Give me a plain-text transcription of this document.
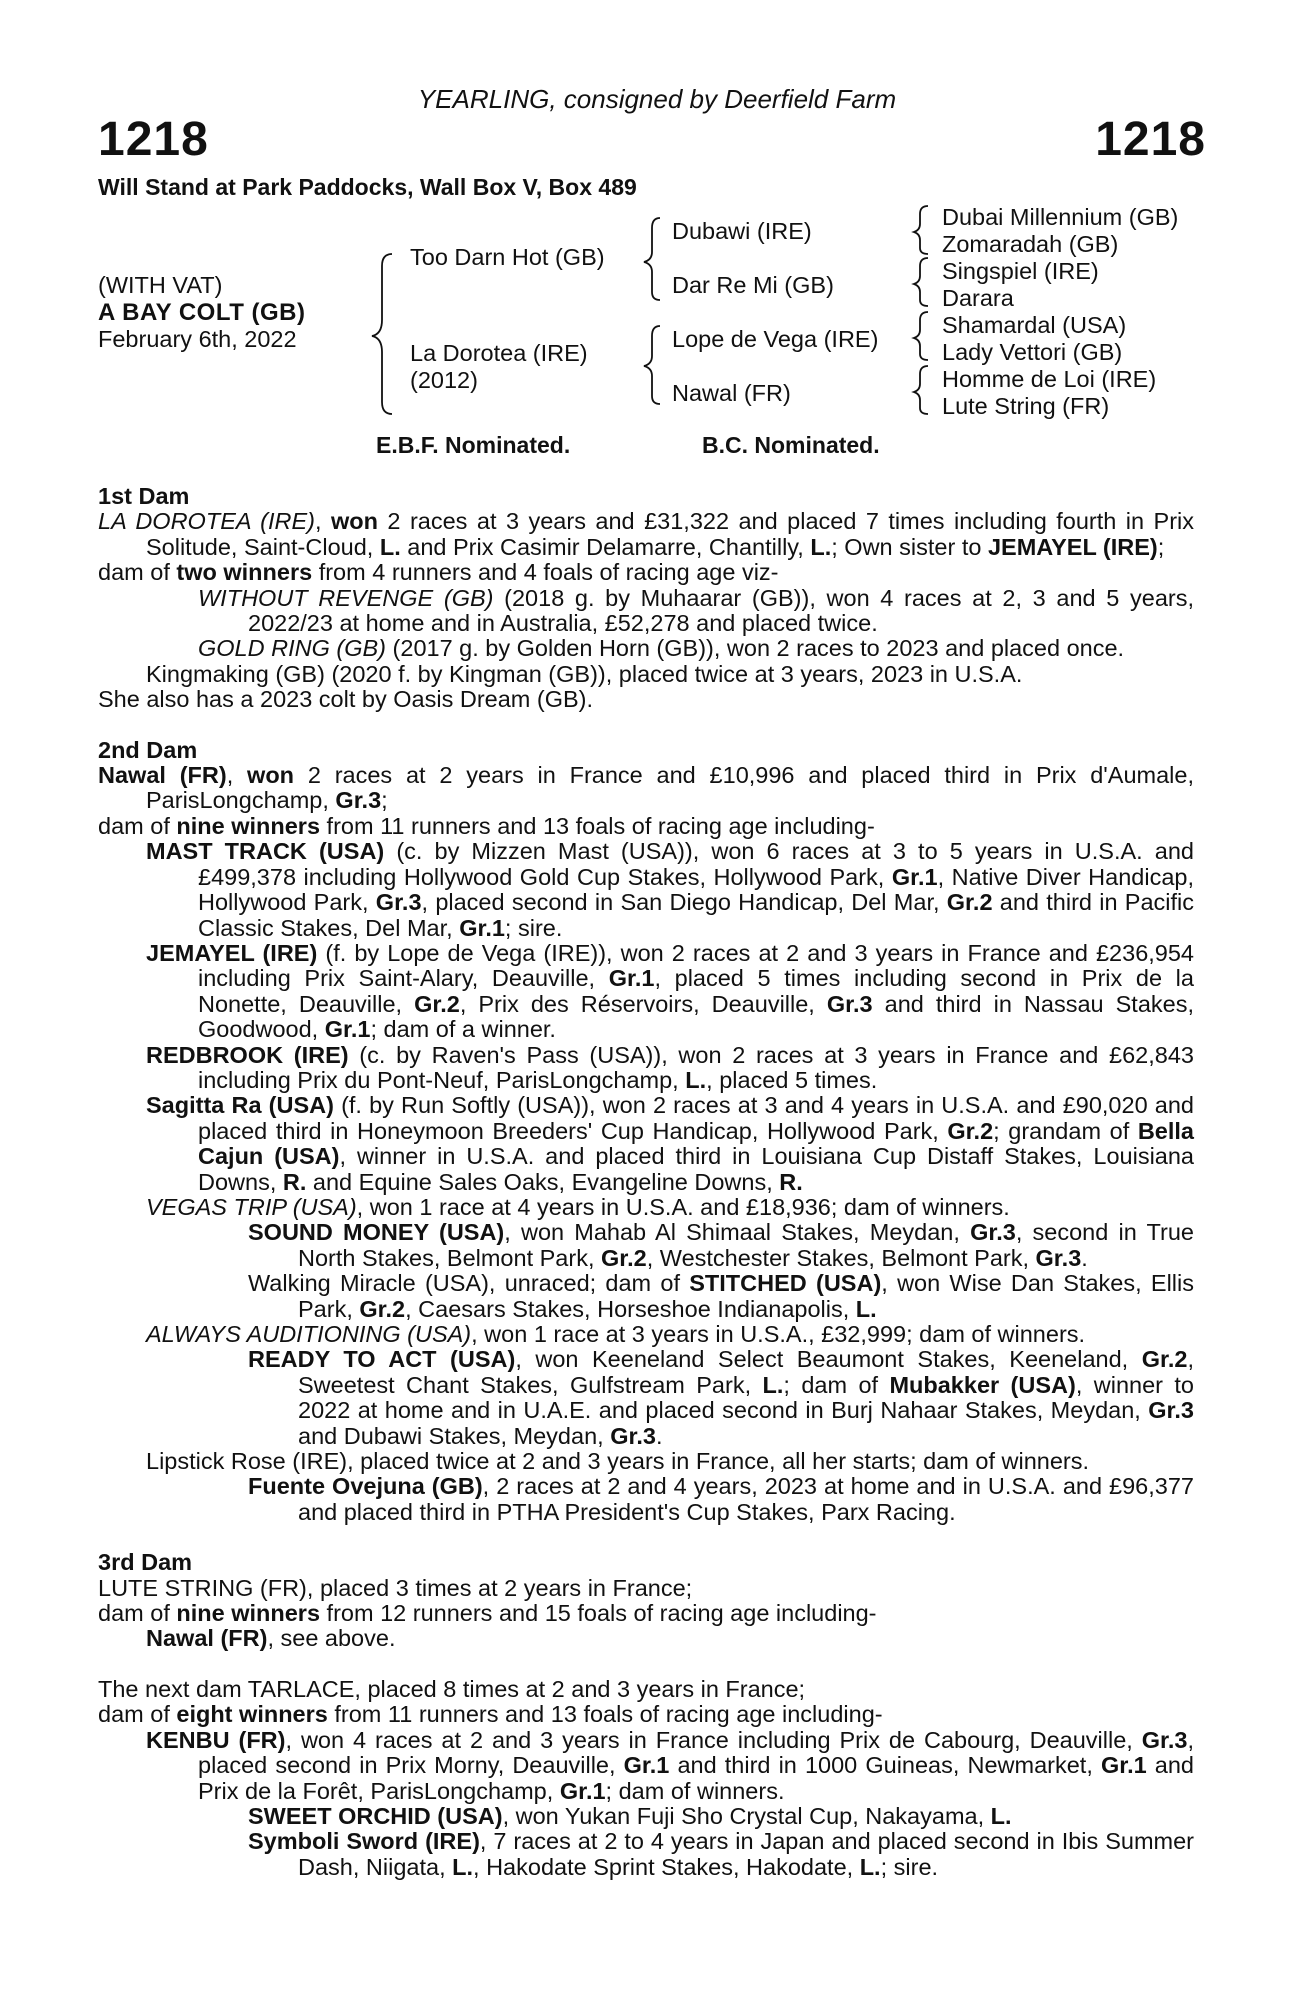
YEARLING, consigned by Deerfield Farm
1218	1218
Will Stand at Park Paddocks, Wall Box V, Box 489
(WITH VAT)
A BAY COLT (GB)
February 6th, 2022
Too Darn Hot (GB)
La Dorotea (IRE)
(2012)
Dubawi (IRE)
Dar Re Mi (GB)
Lope de Vega (IRE)
Nawal (FR)
Dubai Millennium (GB)
Zomaradah (GB)
Singspiel (IRE)
Darara
Shamardal (USA)
Lady Vettori (GB)
Homme de Loi (IRE)
Lute String (FR)
E.B.F. Nominated.	B.C. Nominated.

1st Dam

LA DOROTEA (IRE), won 2 races at 3 years and £31,322 and placed 7 times including fourth in Prix Solitude, Saint-Cloud, L. and Prix Casimir Delamarre, Chantilly, L.; Own sister to JEMAYEL (IRE);

dam of two winners from 4 runners and 4 foals of racing age viz-

WITHOUT REVENGE (GB) (2018 g. by Muhaarar (GB)), won 4 races at 2, 3 and 5 years, 2022/23 at home and in Australia, £52,278 and placed twice.

GOLD RING (GB) (2017 g. by Golden Horn (GB)), won 2 races to 2023 and placed once.

Kingmaking (GB) (2020 f. by Kingman (GB)), placed twice at 3 years, 2023 in U.S.A.

She also has a 2023 colt by Oasis Dream (GB).

2nd Dam

Nawal (FR), won 2 races at 2 years in France and £10,996 and placed third in Prix d'Aumale, ParisLongchamp, Gr.3;

dam of nine winners from 11 runners and 13 foals of racing age including-

MAST TRACK (USA) (c. by Mizzen Mast (USA)), won 6 races at 3 to 5 years in U.S.A. and £499,378 including Hollywood Gold Cup Stakes, Hollywood Park, Gr.1, Native Diver Handicap, Hollywood Park, Gr.3, placed second in San Diego Handicap, Del Mar, Gr.2 and third in Pacific Classic Stakes, Del Mar, Gr.1; sire.

JEMAYEL (IRE) (f. by Lope de Vega (IRE)), won 2 races at 2 and 3 years in France and £236,954 including Prix Saint-Alary, Deauville, Gr.1, placed 5 times including second in Prix de la Nonette, Deauville, Gr.2, Prix des Réservoirs, Deauville, Gr.3 and third in Nassau Stakes, Goodwood, Gr.1; dam of a winner.

REDBROOK (IRE) (c. by Raven's Pass (USA)), won 2 races at 3 years in France and £62,843 including Prix du Pont-Neuf, ParisLongchamp, L., placed 5 times.

Sagitta Ra (USA) (f. by Run Softly (USA)), won 2 races at 3 and 4 years in U.S.A. and £90,020 and placed third in Honeymoon Breeders' Cup Handicap, Hollywood Park, Gr.2; grandam of Bella Cajun (USA), winner in U.S.A. and placed third in Louisiana Cup Distaff Stakes, Louisiana Downs, R. and Equine Sales Oaks, Evangeline Downs, R.

VEGAS TRIP (USA), won 1 race at 4 years in U.S.A. and £18,936; dam of winners.

SOUND MONEY (USA), won Mahab Al Shimaal Stakes, Meydan, Gr.3, second in True North Stakes, Belmont Park, Gr.2, Westchester Stakes, Belmont Park, Gr.3.

Walking Miracle (USA), unraced; dam of STITCHED (USA), won Wise Dan Stakes, Ellis Park, Gr.2, Caesars Stakes, Horseshoe Indianapolis, L.

ALWAYS AUDITIONING (USA), won 1 race at 3 years in U.S.A., £32,999; dam of winners.

READY TO ACT (USA), won Keeneland Select Beaumont Stakes, Keeneland, Gr.2, Sweetest Chant Stakes, Gulfstream Park, L.; dam of Mubakker (USA), winner to 2022 at home and in U.A.E. and placed second in Burj Nahaar Stakes, Meydan, Gr.3 and Dubawi Stakes, Meydan, Gr.3.

Lipstick Rose (IRE), placed twice at 2 and 3 years in France, all her starts; dam of winners.

Fuente Ovejuna (GB), 2 races at 2 and 4 years, 2023 at home and in U.S.A. and £96,377 and placed third in PTHA President's Cup Stakes, Parx Racing.

3rd Dam

LUTE STRING (FR), placed 3 times at 2 years in France;

dam of nine winners from 12 runners and 15 foals of racing age including-

Nawal (FR), see above.

The next dam TARLACE, placed 8 times at 2 and 3 years in France;

dam of eight winners from 11 runners and 13 foals of racing age including-

KENBU (FR), won 4 races at 2 and 3 years in France including Prix de Cabourg, Deauville, Gr.3, placed second in Prix Morny, Deauville, Gr.1 and third in 1000 Guineas, Newmarket, Gr.1 and Prix de la Forêt, ParisLongchamp, Gr.1; dam of winners.

SWEET ORCHID (USA), won Yukan Fuji Sho Crystal Cup, Nakayama, L.

Symboli Sword (IRE), 7 races at 2 to 4 years in Japan and placed second in Ibis Summer Dash, Niigata, L., Hakodate Sprint Stakes, Hakodate, L.; sire.
